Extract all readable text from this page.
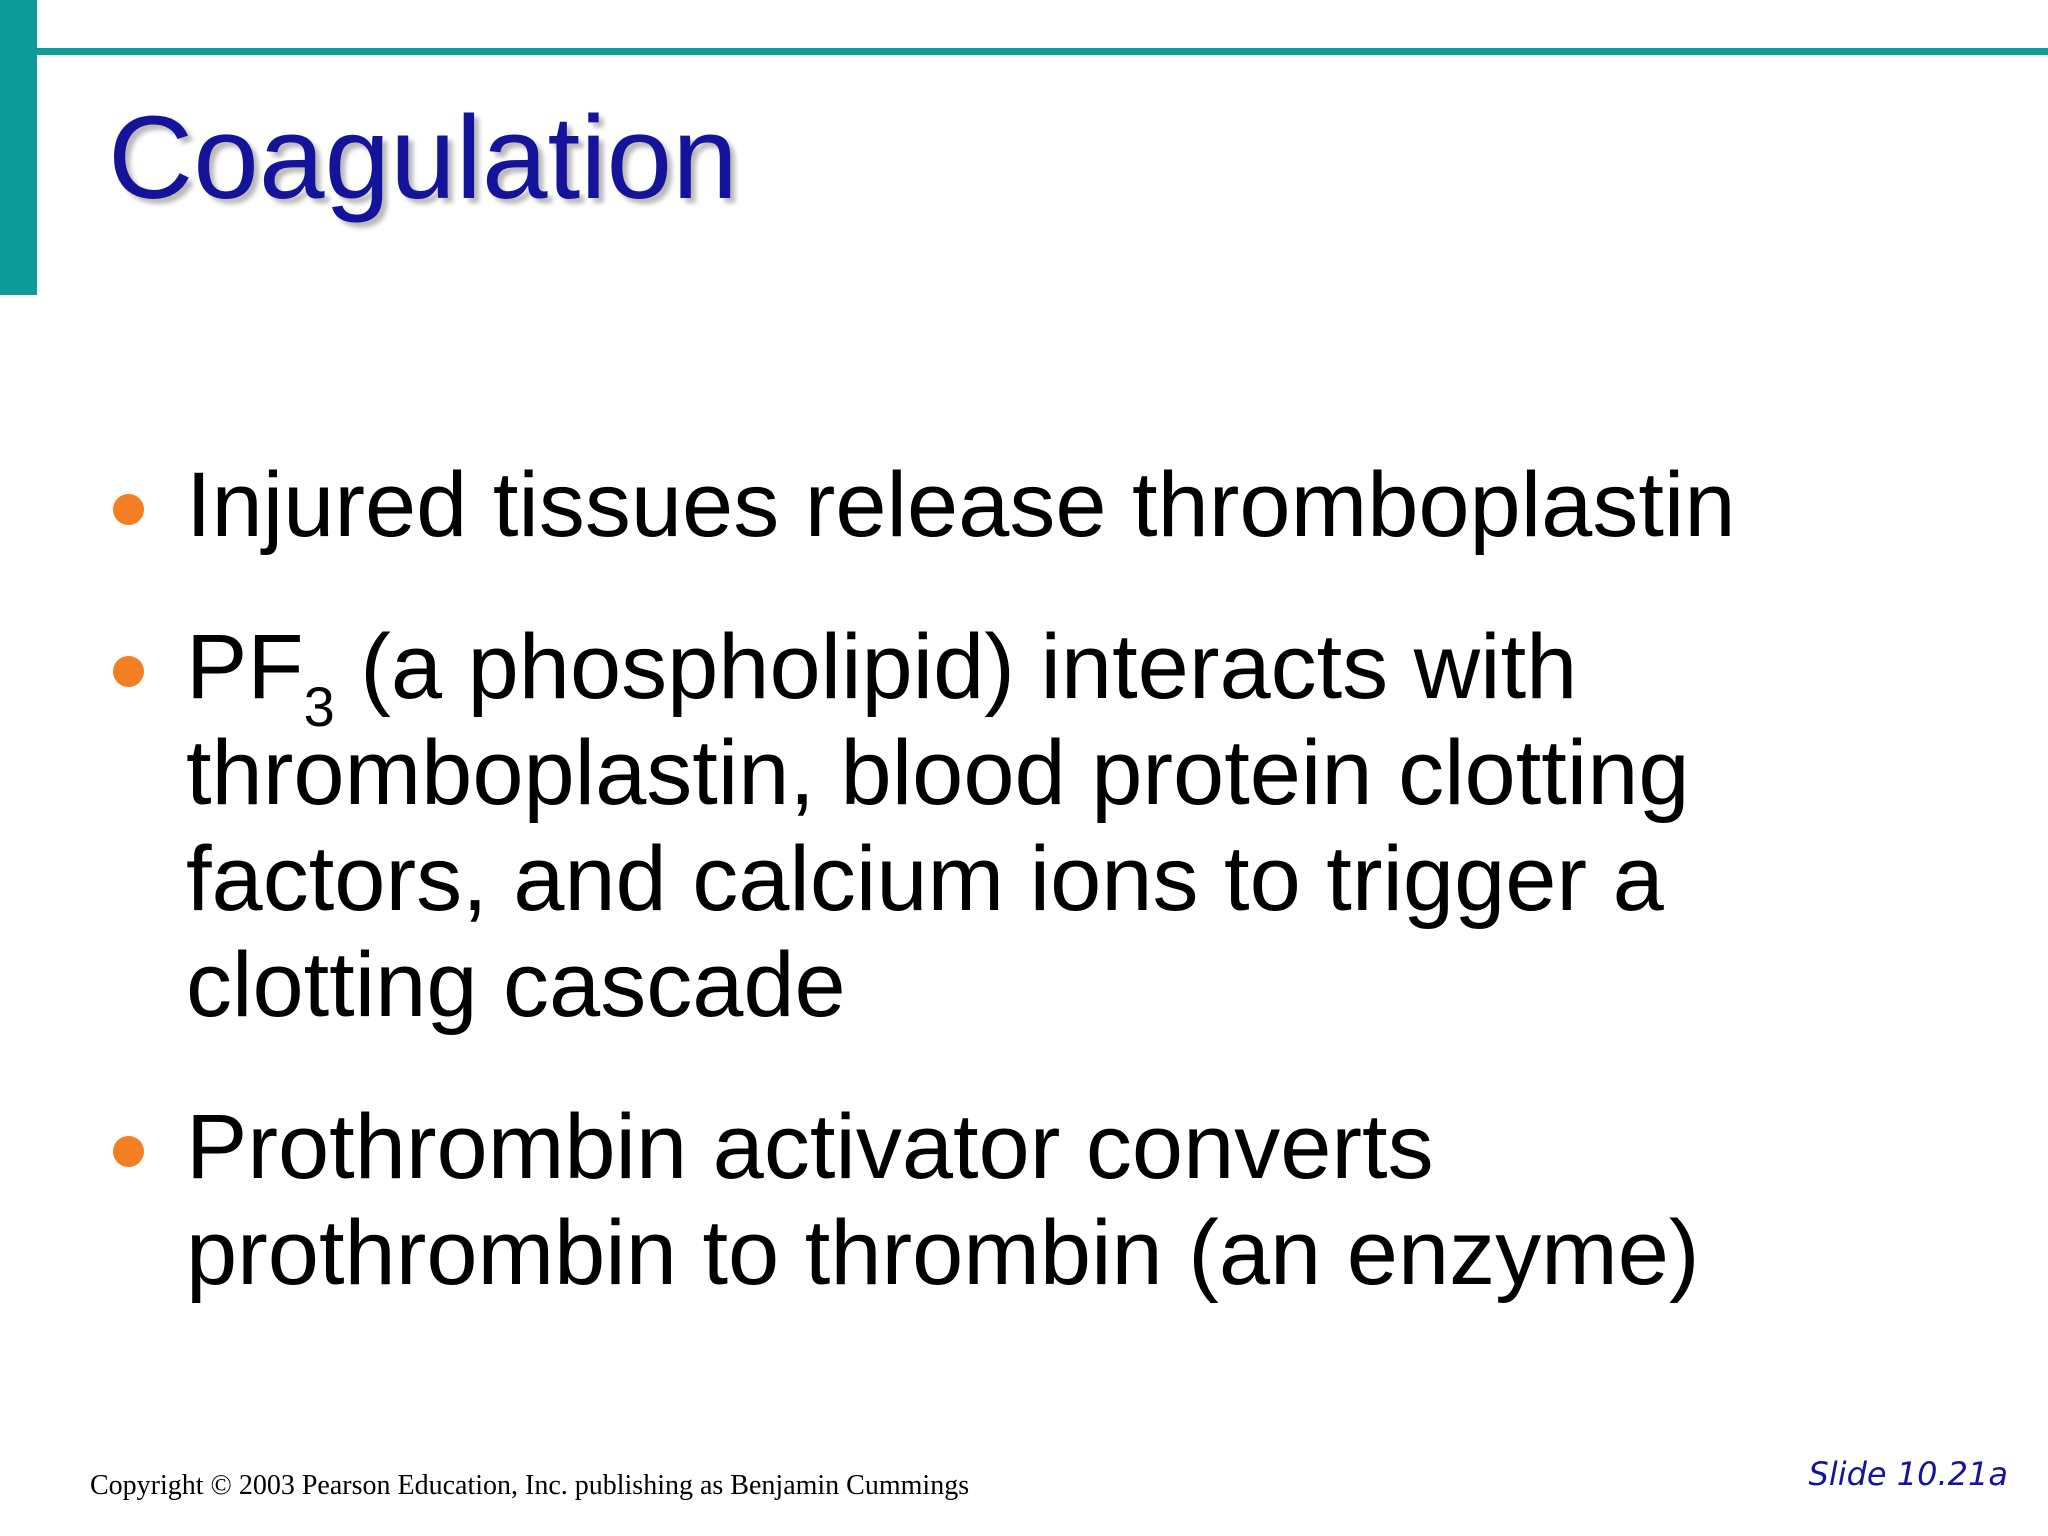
Coagulation
Injured tissues release thromboplastin
$PF_3$ (a phospholipid) interacts with
thromboplastin, blood protein clotting
factors, and calcium ions to trigger a
clotting cascade
Prothrombin activator converts
prothrombin to thrombin (an enzyme)
Copyright © 2003 Pearson Education, Inc. publishing as Benjamin Cummings	Slide 10.21a
